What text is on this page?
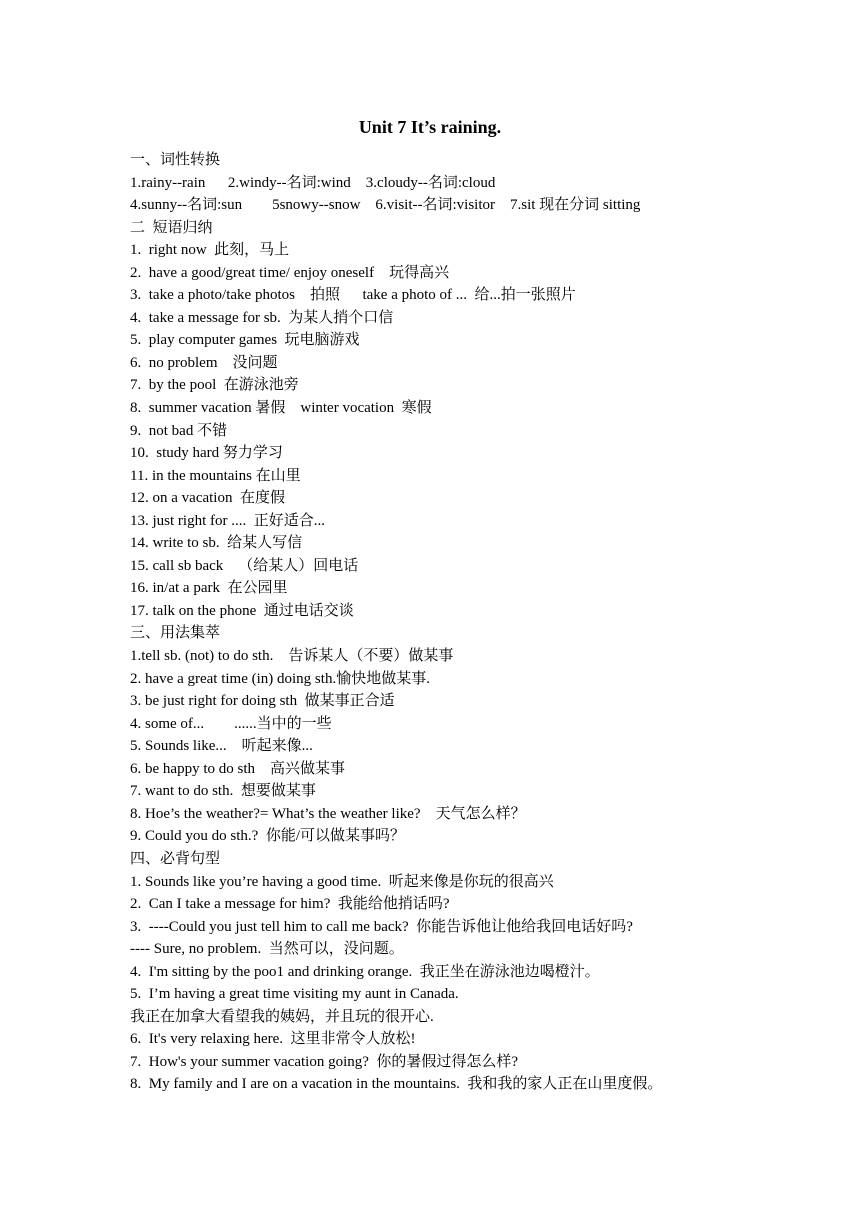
Unit 7 It’s raining.
一、词性转换
1.rainy--rain      2.windy--名词:wind    3.cloudy--名词:cloud
4.sunny--名词:sun        5snowy--snow    6.visit--名词:visitor    7.sit 现在分词 sitting
二  短语归纳
1.  right now  此刻，马上
2.  have a good/great time/ enjoy oneself    玩得高兴
3.  take a photo/take photos    拍照      take a photo of ...  给...拍一张照片
4.  take a message for sb.  为某人捎个口信
5.  play computer games  玩电脑游戏
6.  no problem    没问题
7.  by the pool  在游泳池旁
8.  summer vacation 暑假    winter vocation  寒假
9.  not bad 不错
10.  study hard 努力学习
11. in the mountains 在山里
12. on a vacation  在度假
13. just right for ....  正好适合...
14. write to sb.  给某人写信
15. call sb back    （给某人）回电话
16. in/at a park  在公园里
17. talk on the phone  通过电话交谈
三、用法集萃
1.tell sb. (not) to do sth.    告诉某人（不要）做某事
2. have a great time (in) doing sth.愉快地做某事.
3. be just right for doing sth  做某事正合适
4. some of...        ......当中的一些
5. Sounds like...    听起来像...
6. be happy to do sth    高兴做某事
7. want to do sth.  想要做某事
8. Hoe’s the weather?= What’s the weather like?    天气怎么样？
9. Could you do sth.?  你能/可以做某事吗？
四、必背句型
1. Sounds like you’re having a good time.  听起来像是你玩的很高兴
2.  Can I take a message for him?  我能给他捎话吗?
3.  ----Could you just tell him to call me back?  你能告诉他让他给我回电话好吗?
---- Sure, no problem.  当然可以，没问题。
4.  I'm sitting by the poo1 and drinking orange.  我正坐在游泳池边喝橙汁。
5.  I’m having a great time visiting my aunt in Canada.
我正在加拿大看望我的姨妈，并且玩的很开心.
6.  It's very relaxing here.  这里非常令人放松!
7.  How's your summer vacation going?  你的暑假过得怎么样?
8.  My family and I are on a vacation in the mountains.  我和我的家人正在山里度假。
